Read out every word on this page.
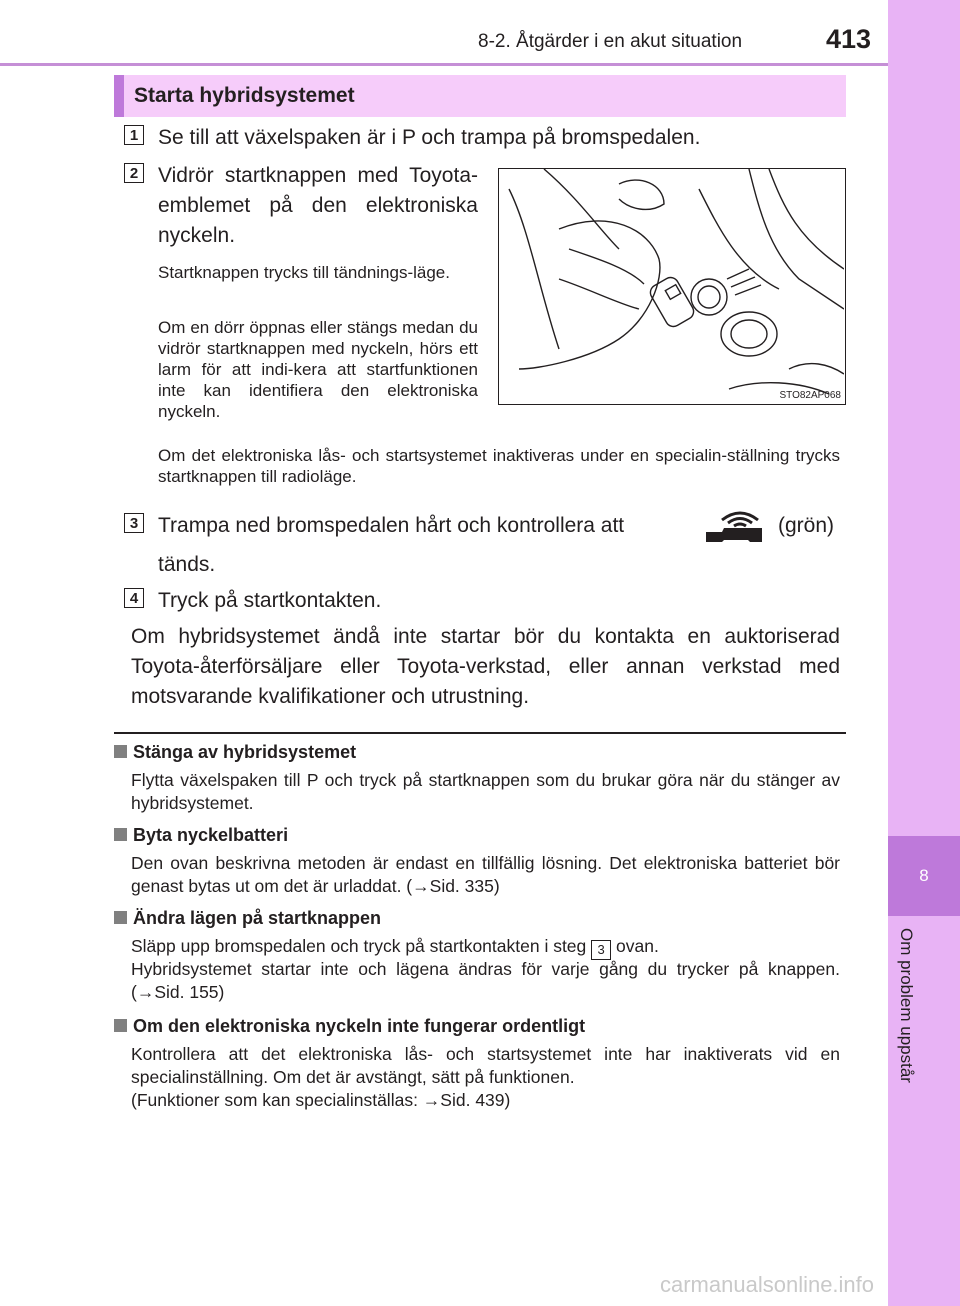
8-2. Åtgärder i en akut situation	413
8
Om problem uppstår
Starta hybridsystemet
1 Se till att växelspaken är i P och trampa på bromspedalen.
2 Vidrör startknappen med Toyota-emblemet på den elektroniska nyckeln.
Startknappen trycks till tändnings-läge.
Om en dörr öppnas eller stängs medan du vidrör startknappen med nyckeln, hörs ett larm för att indi-kera att startfunktionen inte kan identifiera den elektroniska nyckeln.
Om det elektroniska lås- och startsystemet inaktiveras under en specialin-ställning trycks startknappen till radioläge.
STO82AP068
3 Trampa ned bromspedalen hårt och kontrollera att	(grön)
tänds.
4 Tryck på startkontakten.
Om hybridsystemet ändå inte startar bör du kontakta en auktoriserad Toyota-återförsäljare eller Toyota-verkstad, eller annan verkstad med motsvarande kvalifikationer och utrustning.
Stänga av hybridsystemet
Flytta växelspaken till P och tryck på startknappen som du brukar göra när du stänger av hybridsystemet.
Byta nyckelbatteri
Den ovan beskrivna metoden är endast en tillfällig lösning. Det elektroniska batteriet bör genast bytas ut om det är urladdat. (→Sid. 335)
Ändra lägen på startknappen
Släpp upp bromspedalen och tryck på startkontakten i steg 3 ovan.
Hybridsystemet startar inte och lägena ändras för varje gång du trycker på knappen. (→Sid. 155)
Om den elektroniska nyckeln inte fungerar ordentligt
Kontrollera att det elektroniska lås- och startsystemet inte har inaktiverats vid en specialinställning. Om det är avstängt, sätt på funktionen.
(Funktioner som kan specialinställas: →Sid. 439)
carmanualsonline.info
